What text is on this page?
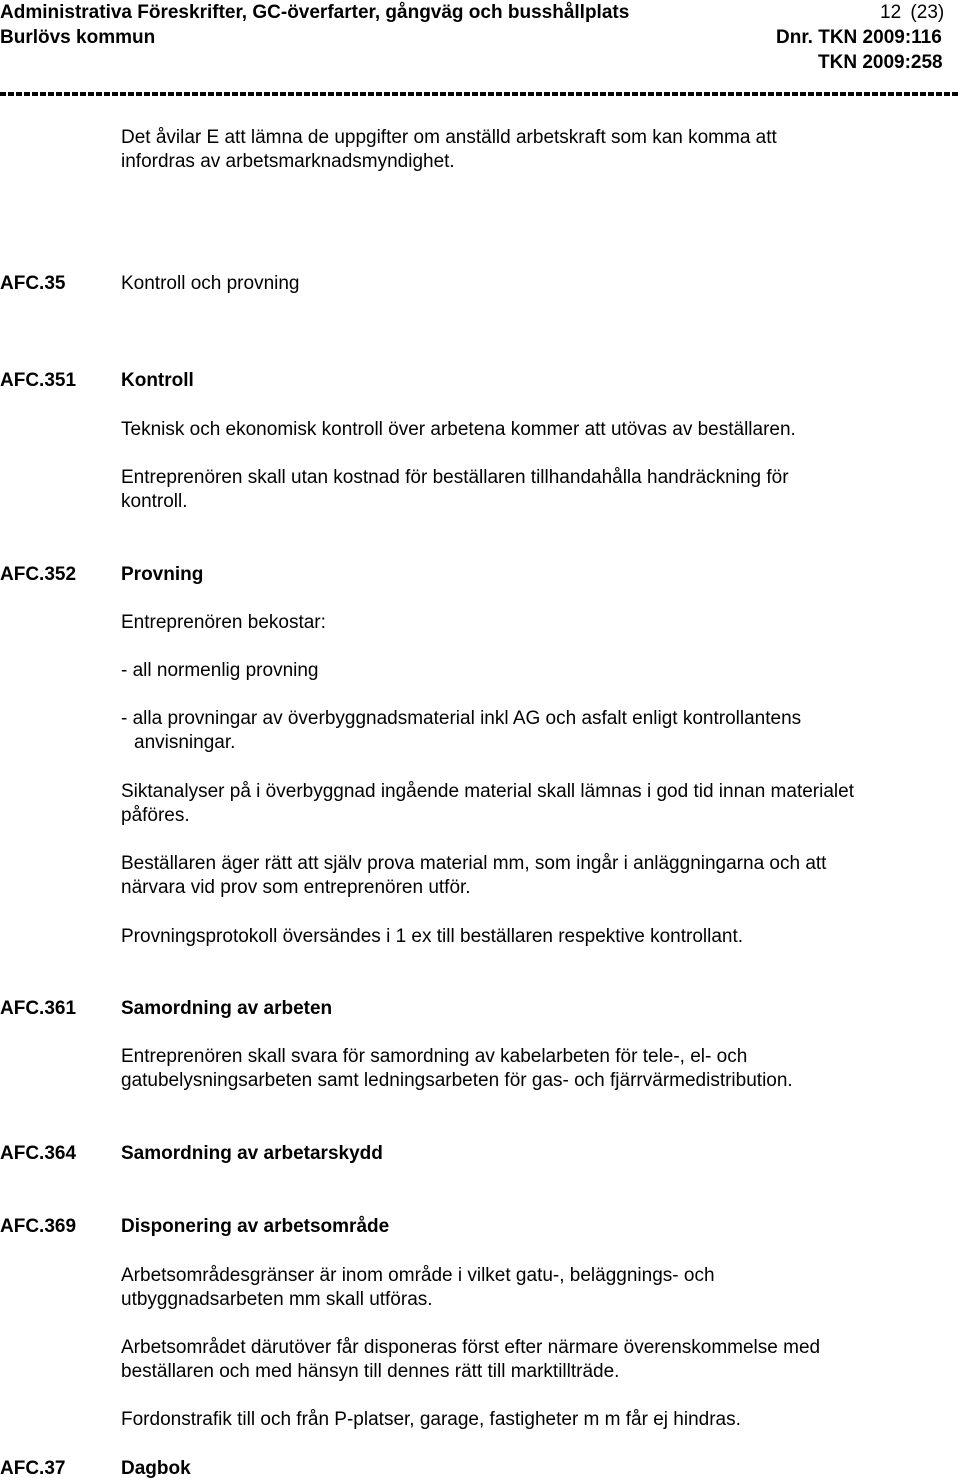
Administrativa Föreskrifter, GC-överfarter, gångväg och busshållplats	12 (23)
Burlövs kommun	Dnr. TKN 2009:116
TKN 2009:258
Det åvilar E att lämna de uppgifter om anställd arbetskraft som kan komma att
infordras av arbetsmarknadsmyndighet.
AFC.35	Kontroll och provning
AFC.351 Kontroll
Teknisk och ekonomisk kontroll över arbetena kommer att utövas av beställaren.
Entreprenören skall utan kostnad för beställaren tillhandahålla handräckning för
kontroll.
AFC.352 Provning
Entreprenören bekostar:
- all normenlig provning
- alla provningar av överbyggnadsmaterial inkl AG och asfalt enligt kontrollantens
anvisningar.
Siktanalyser på i överbyggnad ingående material skall lämnas i god tid innan materialet
påföres.
Beställaren äger rätt att själv prova material mm, som ingår i anläggningarna och att
närvara vid prov som entreprenören utför.
Provningsprotokoll översändes i 1 ex till beställaren respektive kontrollant.
AFC.361 Samordning av arbeten
Entreprenören skall svara för samordning av kabelarbeten för tele-, el- och
gatubelysningsarbeten samt ledningsarbeten för gas- och fjärrvärmedistribution.
AFC.364 Samordning av arbetarskydd
AFC.369 Disponering av arbetsområde
Arbetsområdesgränser är inom område i vilket gatu-, beläggnings- och
utbyggnadsarbeten mm skall utföras.
Arbetsområdet därutöver får disponeras först efter närmare överenskommelse med
beställaren och med hänsyn till dennes rätt till marktillträde.
Fordonstrafik till och från P-platser, garage, fastigheter m m får ej hindras.
AFC.37	Dagbok
